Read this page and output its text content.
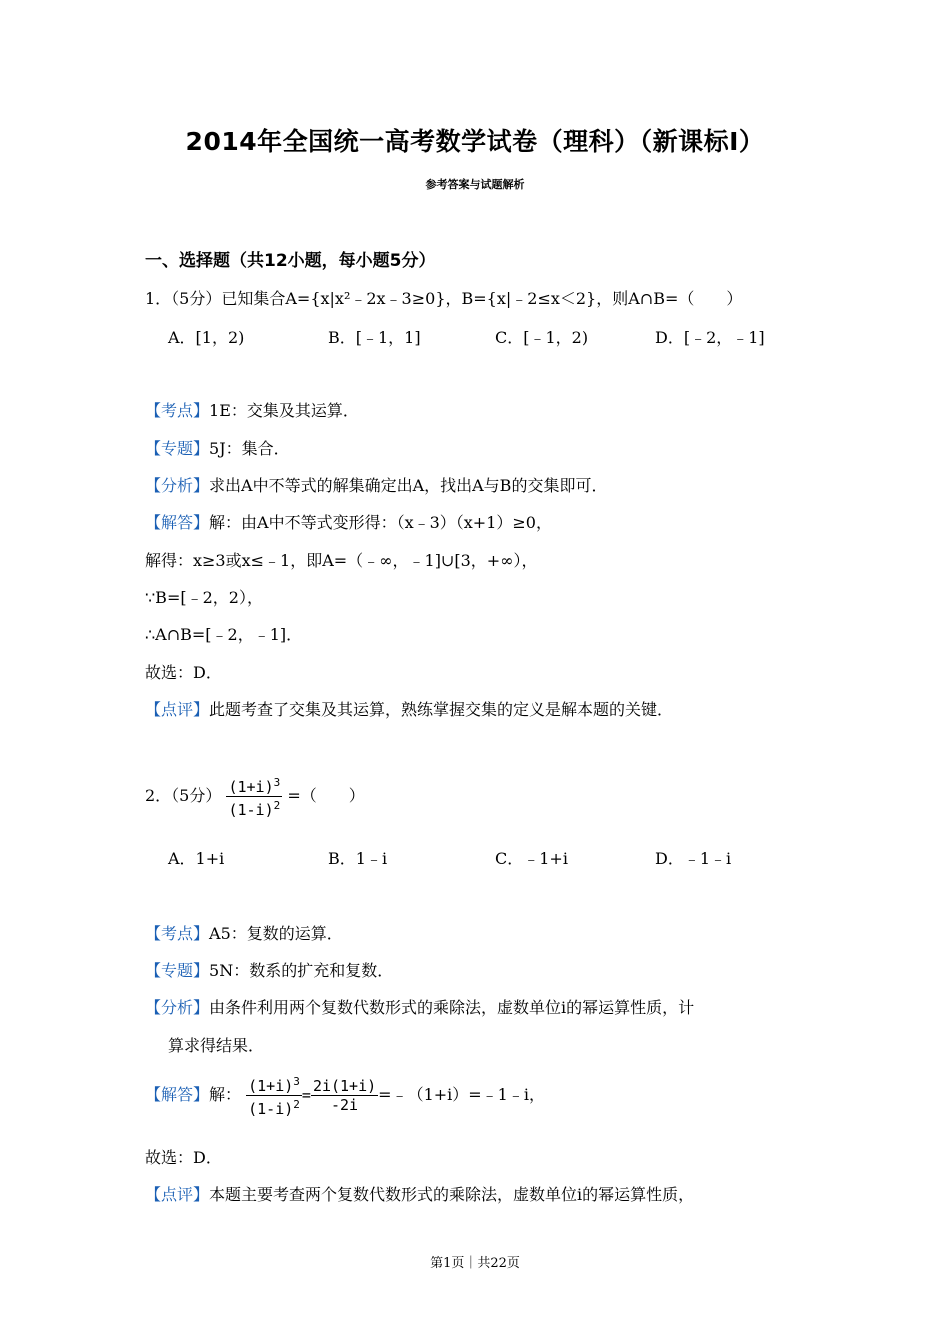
2014年全国统一高考数学试卷（理科）（新课标Ⅰ）
参考答案与试题解析
一、选择题（共12小题，每小题5分）
1．（5分）已知集合A={x|x²﹣2x﹣3≥0}，B={x|﹣2≤x＜2}，则A∩B=（　　）
A．[1，2)	B．[﹣1，1]	C．[﹣1，2)	D．[﹣2，﹣1]
【考点】1E：交集及其运算．
【专题】5J：集合．
【分析】求出A中不等式的解集确定出A，找出A与B的交集即可．
【解答】解：由A中不等式变形得：（x﹣3）（x+1）≥0，
解得：x≥3或x≤﹣1，即A=（﹣∞，﹣1]∪[3，+∞），
∵B=[﹣2，2），
∴A∩B=[﹣2，﹣1]．
故选：D．
【点评】此题考查了交集及其运算，熟练掌握交集的定义是解本题的关键．
2．（5分） $\frac{(1+i)^3}{(1-i)^2}$ =（　　）
A．1+i	B．1﹣i	C．﹣1+i	D．﹣1﹣i
【考点】A5：复数的运算．
【专题】5N：数系的扩充和复数．
【分析】由条件利用两个复数代数形式的乘除法，虚数单位i的幂运算性质，计
算求得结果．
【解答】解： $\frac{(1+i)^3}{(1-i)^2} = \frac{2i(1+i)}{-2i}$ =﹣（1+i）=﹣1﹣i，
故选：D．
【点评】本题主要考查两个复数代数形式的乘除法，虚数单位i的幂运算性质，
第1页｜共22页
